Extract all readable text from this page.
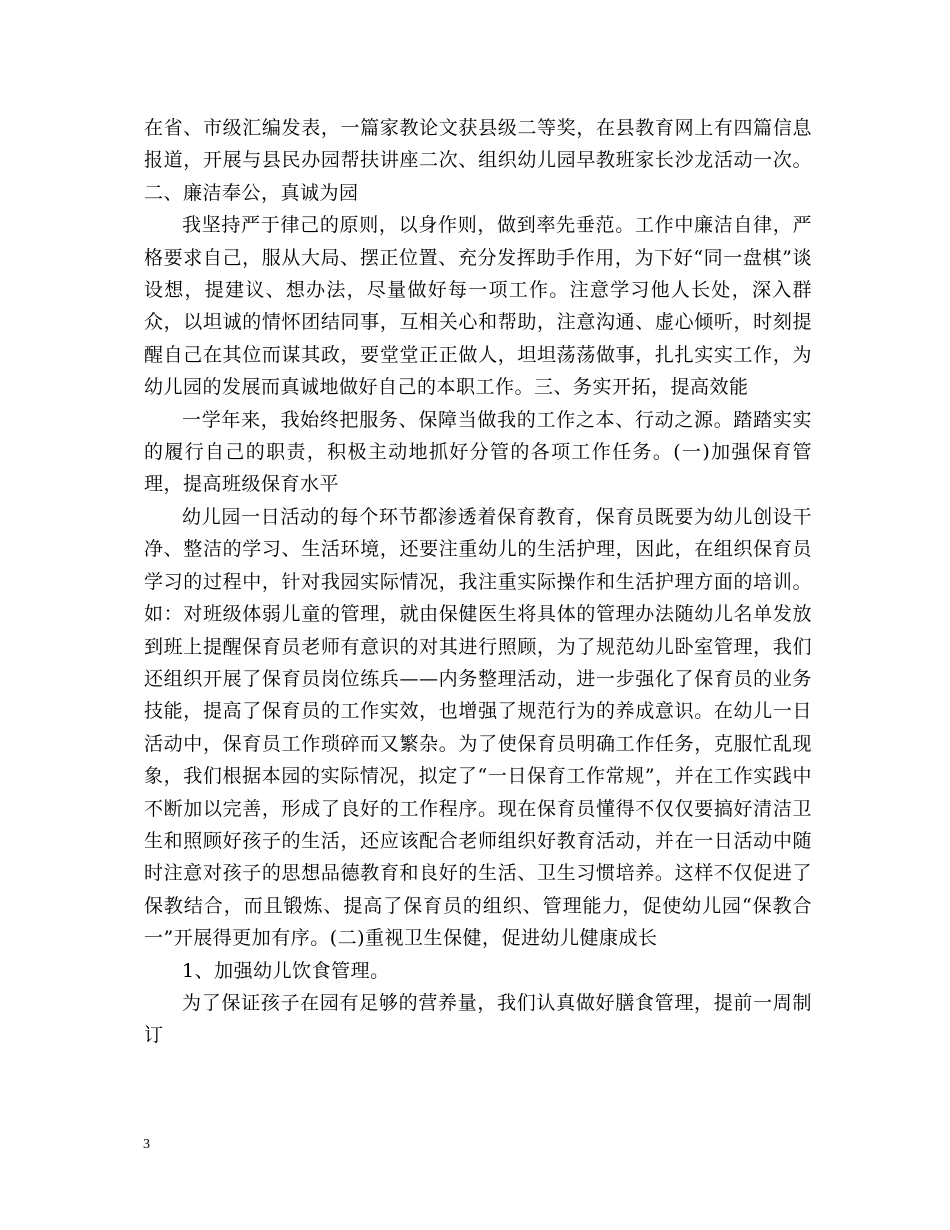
在省、市级汇编发表，一篇家教论文获县级二等奖，在县教育网上有四篇信息报道，开展与县民办园帮扶讲座二次、组织幼儿园早教班家长沙龙活动一次。二、廉洁奉公，真诚为园

我坚持严于律己的原则，以身作则，做到率先垂范。工作中廉洁自律，严格要求自己，服从大局、摆正位置、充分发挥助手作用，为下好“同一盘棋”谈设想，提建议、想办法，尽量做好每一项工作。注意学习他人长处，深入群众，以坦诚的情怀团结同事，互相关心和帮助，注意沟通、虚心倾听，时刻提醒自己在其位而谋其政，要堂堂正正做人，坦坦荡荡做事，扎扎实实工作，为幼儿园的发展而真诚地做好自己的本职工作。三、务实开拓，提高效能

一学年来，我始终把服务、保障当做我的工作之本、行动之源。踏踏实实的履行自己的职责，积极主动地抓好分管的各项工作任务。(一)加强保育管理，提高班级保育水平

幼儿园一日活动的每个环节都渗透着保育教育，保育员既要为幼儿创设干净、整洁的学习、生活环境，还要注重幼儿的生活护理，因此，在组织保育员学习的过程中，针对我园实际情况，我注重实际操作和生活护理方面的培训。如：对班级体弱儿童的管理，就由保健医生将具体的管理办法随幼儿名单发放到班上提醒保育员老师有意识的对其进行照顾，为了规范幼儿卧室管理，我们还组织开展了保育员岗位练兵——内务整理活动，进一步强化了保育员的业务技能，提高了保育员的工作实效，也增强了规范行为的养成意识。在幼儿一日活动中，保育员工作琐碎而又繁杂。为了使保育员明确工作任务，克服忙乱现象，我们根据本园的实际情况，拟定了“一日保育工作常规”，并在工作实践中不断加以完善，形成了良好的工作程序。现在保育员懂得不仅仅要搞好清洁卫生和照顾好孩子的生活，还应该配合老师组织好教育活动，并在一日活动中随时注意对孩子的思想品德教育和良好的生活、卫生习惯培养。这样不仅促进了保教结合，而且锻炼、提高了保育员的组织、管理能力，促使幼儿园“保教合一”开展得更加有序。(二)重视卫生保健，促进幼儿健康成长

1、加强幼儿饮食管理。

为了保证孩子在园有足够的营养量，我们认真做好膳食管理，提前一周制订

3
